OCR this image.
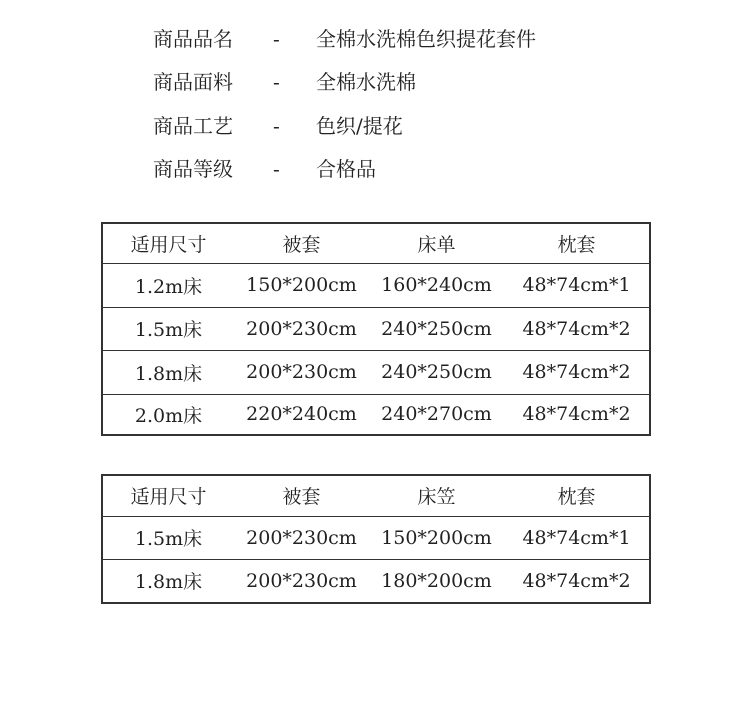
商品品名 - 全棉水洗棉色织提花套件
商品面料 - 全棉水洗棉
商品工艺 - 色织/提花
商品等级 - 合格品
适用尺寸	被套	床单	枕套
1.2m床	150*200cm	160*240cm	48*74cm*1
1.5m床	200*230cm	240*250cm	48*74cm*2
1.8m床	200*230cm	240*250cm	48*74cm*2
2.0m床	220*240cm	240*270cm	48*74cm*2
适用尺寸	被套	床笠	枕套
1.5m床	200*230cm	150*200cm	48*74cm*1
1.8m床	200*230cm	180*200cm	48*74cm*2
